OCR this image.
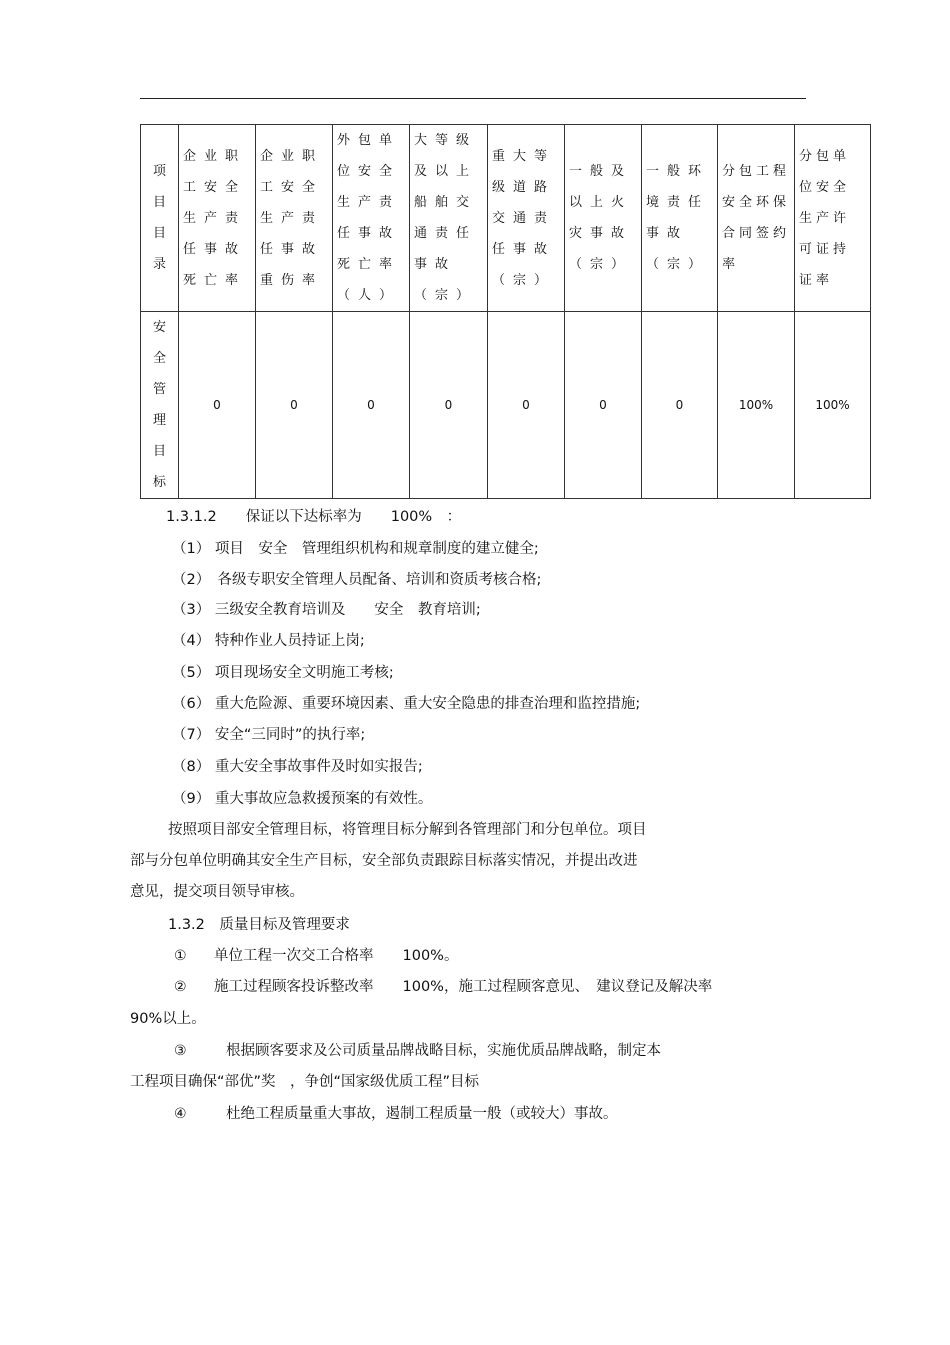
项目目录	企业职工安全生产责任事故死亡率	企业职工安全生产责任事故重伤率	外包单位安全生产责任事故死亡率（人）	大等级及以上船舶交通责任事故（宗）	重大等级道路交通责任事故（宗）	一般及以上火灾事故（宗）	一般环境责任事故（宗）	分包工程安全环保合同签约率	分包单位安全生产许可证持证率

安全管理目标	0	0	0	0	0	0	0	100%	100%
1.3.1.2　　保证以下达标率为　　100%　：
（1） 项目　安全　管理组织机构和规章制度的建立健全;
（2）　各级专职安全管理人员配备、培训和资质考核合格;
（3） 三级安全教育培训及　　安全　教育培训;
（4） 特种作业人员持证上岗;
（5） 项目现场安全文明施工考核;
（6） 重大危险源、重要环境因素、重大安全隐患的排查治理和监控措施;
（7） 安全“三同时”的执行率;
（8） 重大安全事故事件及时如实报告;
（9） 重大事故应急救援预案的有效性。
按照项目部安全管理目标，将管理目标分解到各管理部门和分包单位。项目
部与分包单位明确其安全生产目标，安全部负责跟踪目标落实情况，并提出改进
意见，提交项目领导审核。
1.3.2　质量目标及管理要求
① 单位工程一次交工合格率　　100%。
② 施工过程顾客投诉整改率　　100%，施工过程顾客意见、　建议登记及解决率
90%以上。
③	根据顾客要求及公司质量品牌战略目标，实施优质品牌战略，制定本
工程项目确保“部优”奖　，争创“国家级优质工程”目标
④	杜绝工程质量重大事故，遏制工程质量一般（或较大）事故。
